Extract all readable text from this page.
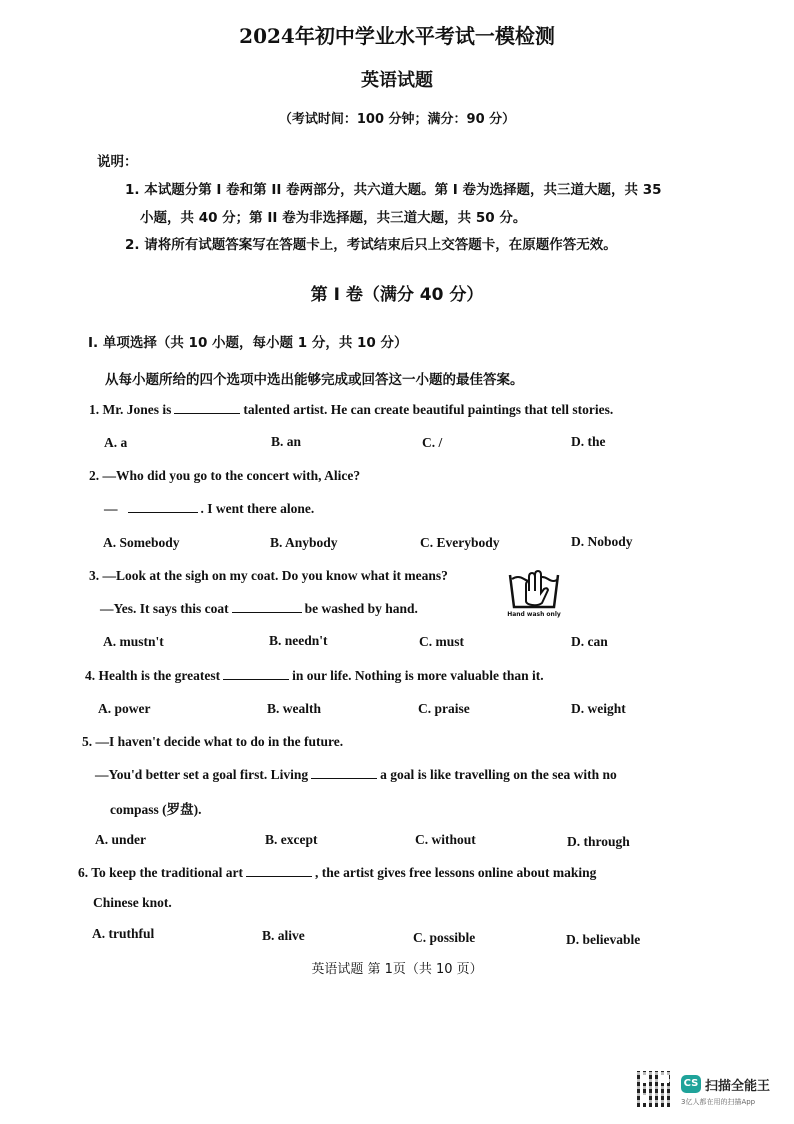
2024年初中学业水平考试一模检测
英语试题
（考试时间：100 分钟；满分：90 分）
说明：
1. 本试题分第 I 卷和第 II 卷两部分，共六道大题。第 I 卷为选择题，共三道大题，共 35
小题，共 40 分；第 II 卷为非选择题，共三道大题，共 50 分。
2. 请将所有试题答案写在答题卡上，考试结束后只上交答题卡，在原题作答无效。
第 I 卷（满分 40 分）
I. 单项选择（共 10 小题，每小题 1 分，共 10 分）
从每小题所给的四个选项中选出能够完成或回答这一小题的最佳答案。
1. Mr. Jones is	talented artist. He can create beautiful paintings that tell stories.
A. a	B. an	C. /	D. the
2. —Who did you go to the concert with, Alice?
—	. I went there alone.
A. Somebody	B. Anybody	C. Everybody	D. Nobody
3. —Look at the sigh on my coat. Do you know what it means?
—Yes. It says this coat	be washed by hand.	Hand wash only
A. mustn't	B. needn't	C. must	D. can
4. Health is the greatest	in our life. Nothing is more valuable than it.
A. power	B. wealth	C. praise	D. weight
5. —I haven't decide what to do in the future.
—You'd better set a goal first. Living	a goal is like travelling on the sea with no
compass (罗盘).
A. under	B. except	C. without	D. through
6. To keep the traditional art	, the artist gives free lessons online about making
Chinese knot.
A. truthful	B. alive	C. possible	D. believable
英语试题 第 1页（共 10 页）
CS 扫描全能王
3亿人都在用的扫描App
